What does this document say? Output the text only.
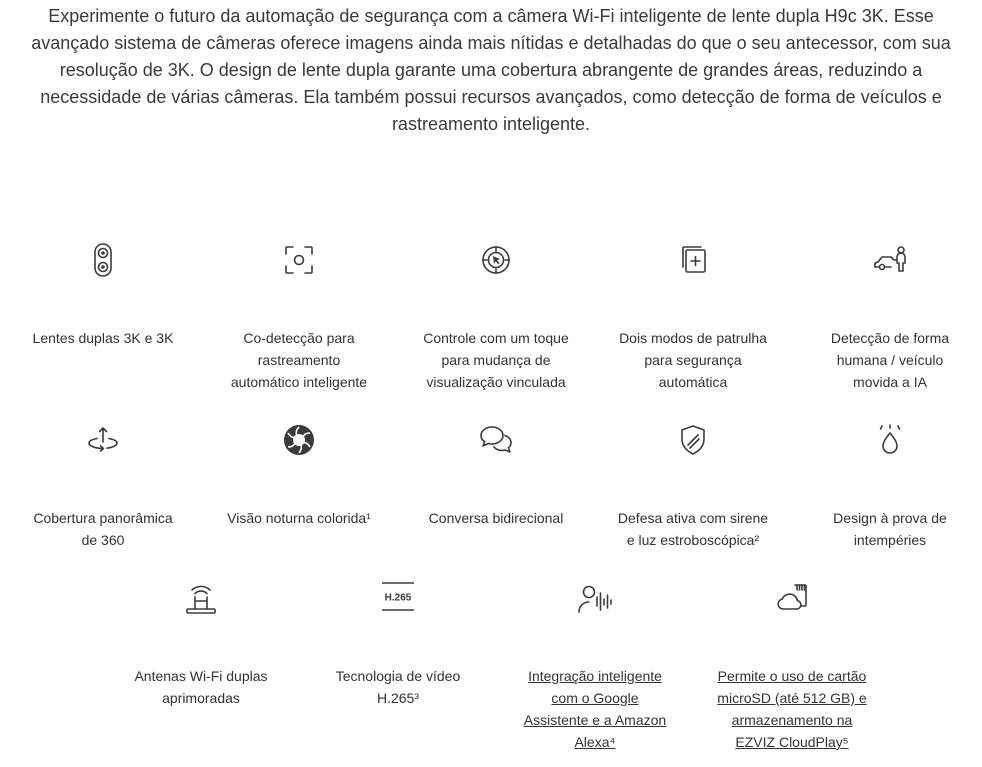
Experimente o futuro da automação de segurança com a câmera Wi-Fi inteligente de lente dupla H9c 3K. Esse
avançado sistema de câmeras oferece imagens ainda mais nítidas e detalhadas do que o seu antecessor, com sua
resolução de 3K. O design de lente dupla garante uma cobertura abrangente de grandes áreas, reduzindo a
necessidade de várias câmeras. Ela também possui recursos avançados, como detecção de forma de veículos e
rastreamento inteligente.

Lentes duplas 3K e 3K	Co-detecção para
rastreamento
automático inteligente
Controle com um toque
para mudança de
visualização vinculada
Dois modos de patrulha
para segurança
automática
Detecção de forma
humana / veículo
movida a IA
Cobertura panorâmica
de 360
Visão noturna colorida¹	Conversa bidirecional	Defesa ativa com sirene
e luz estroboscópica²
Design à prova de
intempéries
Antenas Wi-Fi duplas
aprimoradas
H.265
Tecnologia de vídeo
H.265³
Integração inteligente
com o Google
Assistente e a Amazon
Alexa⁴
Permite o uso de cartão
microSD (até 512 GB) e
armazenamento na
EZVIZ CloudPlay⁵
